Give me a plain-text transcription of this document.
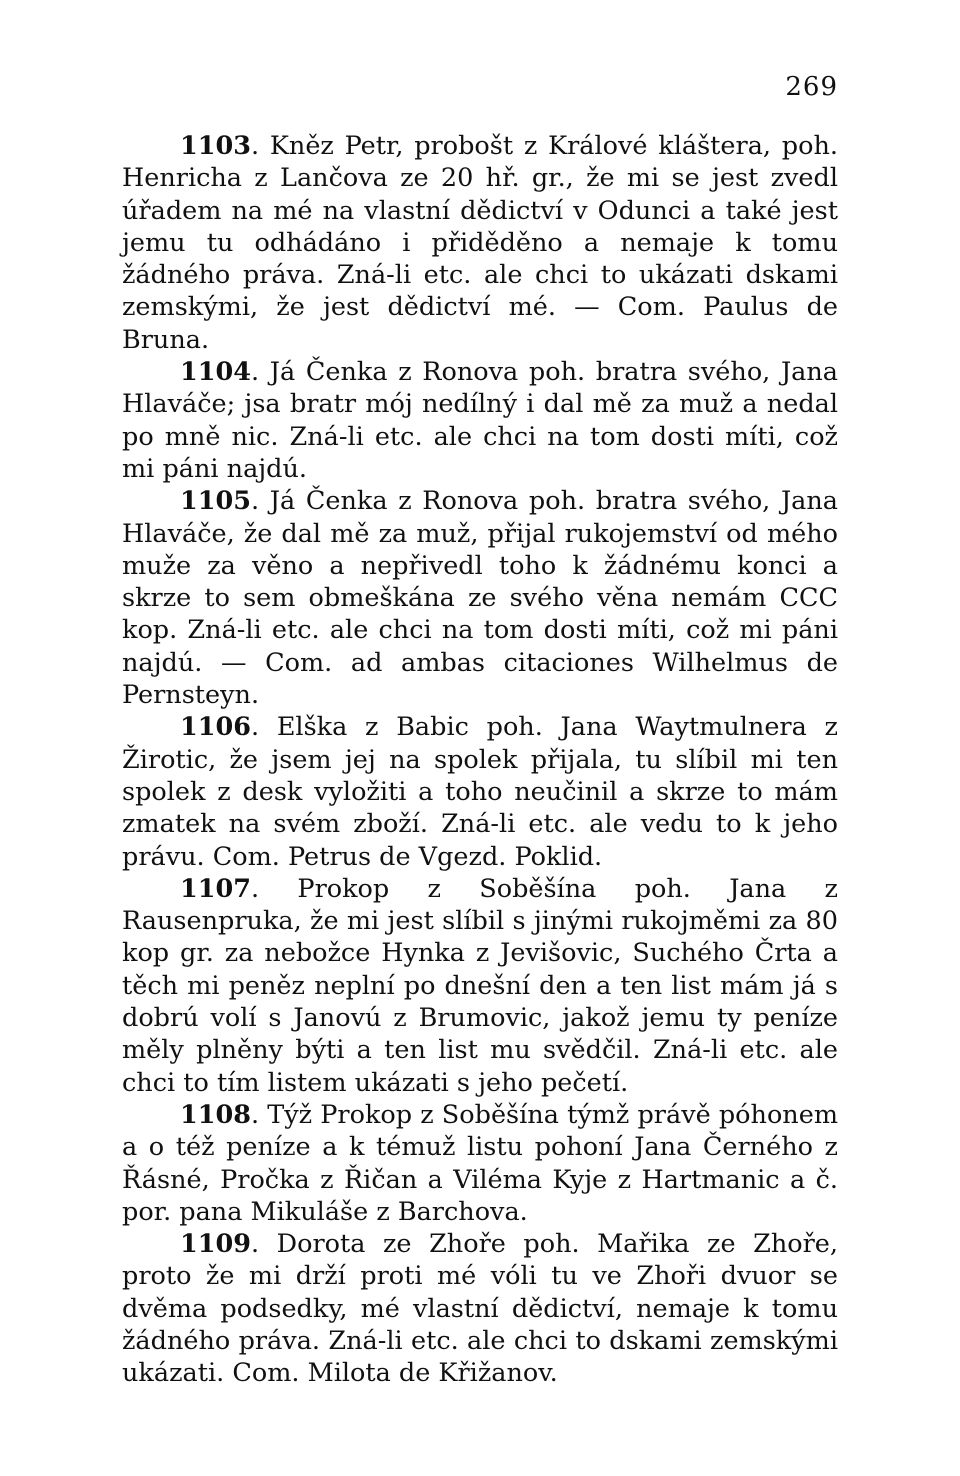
269

1103. Kněz Petr, probošt z Králové kláštera, poh. Henricha z Lančova ze 20 hř. gr., že mi se jest zvedl úřadem na mé na vlastní dědictví v Odunci a také jest jemu tu odhádáno i přiděděno a nemaje k tomu žádného práva. Zná-li etc. ale chci to ukázati dskami zemskými, že jest dědictví mé. — Com. Paulus de Bruna.

1104. Já Čenka z Ronova poh. bratra svého, Jana Hlaváče; jsa bratr mój nedílný i dal mě za muž a nedal po mně nic. Zná-li etc. ale chci na tom dosti míti, což mi páni najdú.

1105. Já Čenka z Ronova poh. bratra svého, Jana Hlaváče, že dal mě za muž, přijal rukojemství od mého muže za věno a nepřivedl toho k žádnému konci a skrze to sem obmeškána ze svého věna nemám CCC kop. Zná-li etc. ale chci na tom dosti míti, což mi páni najdú. — Com. ad ambas citaciones Wilhelmus de Pernsteyn.

1106. Elška z Babic poh. Jana Waytmulnera z Žirotic, že jsem jej na spolek přijala, tu slíbil mi ten spolek z desk vyložiti a toho neučinil a skrze to mám zmatek na svém zboží. Zná-li etc. ale vedu to k jeho právu. Com. Petrus de Vgezd. Poklid.

1107. Prokop z Soběšína poh. Jana z Rausenpruka, že mi jest slíbil s jinými rukojměmi za 80 kop gr. za nebožce Hynka z Jevišovic, Suchého Črta a těch mi peněz neplní po dnešní den a ten list mám já s dobrú volí s Janovú z Brumovic, jakož jemu ty peníze měly plněny býti a ten list mu svědčil. Zná-li etc. ale chci to tím listem ukázati s jeho pečetí.

1108. Týž Prokop z Soběšína týmž právě póhonem a o též peníze a k témuž listu pohoní Jana Černého z Řásné, Pročka z Řičan a Viléma Kyje z Hartmanic a č. por. pana Mikuláše z Barchova.

1109. Dorota ze Zhoře poh. Mařika ze Zhoře, proto že mi drží proti mé vóli tu ve Zhoři dvuor se dvěma podsedky, mé vlastní dědictví, nemaje k tomu žádného práva. Zná-li etc. ale chci to dskami zemskými ukázati. Com. Milota de Křižanov.
